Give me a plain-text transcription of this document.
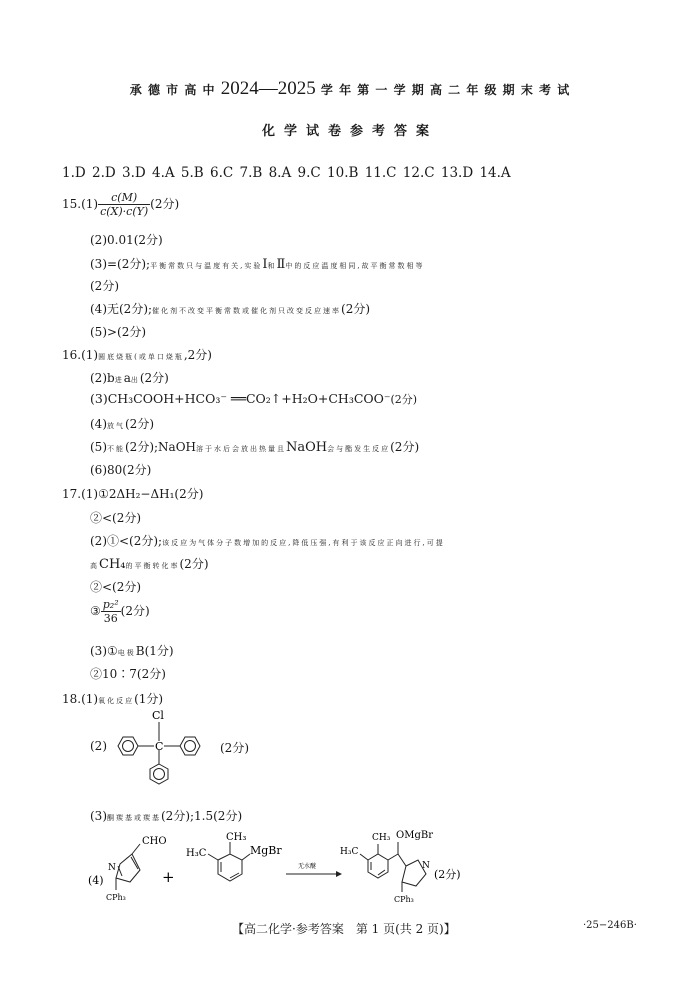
承 德 市 高 中 2024—2025 学 年 第 一 学 期 高 二 年 级 期 末 考 试
化学试卷参考答案
1.D 2.D 3.D 4.A 5.B 6.C 7.B 8.A 9.C 10.B 11.C 12.C 13.D 14.A
$15.(1) \frac{c(M)}{c(X)\cdot c(Y)} (2$分)
(2)0.01(2分)
(3)=(2分);平衡常数只与温度有关,实验Ⅰ和Ⅱ中的反应温度相同,故平衡常数相等
(2分)
(4)无(2分);催化剂不改变平衡常数或催化剂只改变反应速率(2分)
(5)>(2分)
16.(1)圆底烧瓶(或单口烧瓶,2分)
(2)b进a出(2分)
(3)CH₃COOH+HCO₃⁻ ══CO₂↑+H₂O+CH₃COO⁻(2分)
(4)放气(2分)
(5)不能(2分);NaOH溶于水后会放出热量且NaOH会与酯发生反应(2分)
(6)80(2分)
17.(1)①2ΔH₂−ΔH₁(2分)
②<(2分)
(2)①<(2分);该反应为气体分子数增加的反应,降低压强,有利于该反应正向进行,可提
高CH₄的平衡转化率(2分)
②<(2分)
③ $\frac{\text{p₂²}}{36} (2$分)
(3)①电极B(1分)
②10∶7(2分)
18.(1)氧化反应(1分)
(2)
Cl
C	(2分)
(3)酮羰基或羰基(2分);1.5(2分)
(4)
CHO
N
CPh₃
+
CH₃
H₃C	MgBr
无水醚
CH₃
H₃C
OMgBr
N
CPh₃
(2分)
【高二化学·参考答案　第 1 页(共 2 页)】	·25−246B·
